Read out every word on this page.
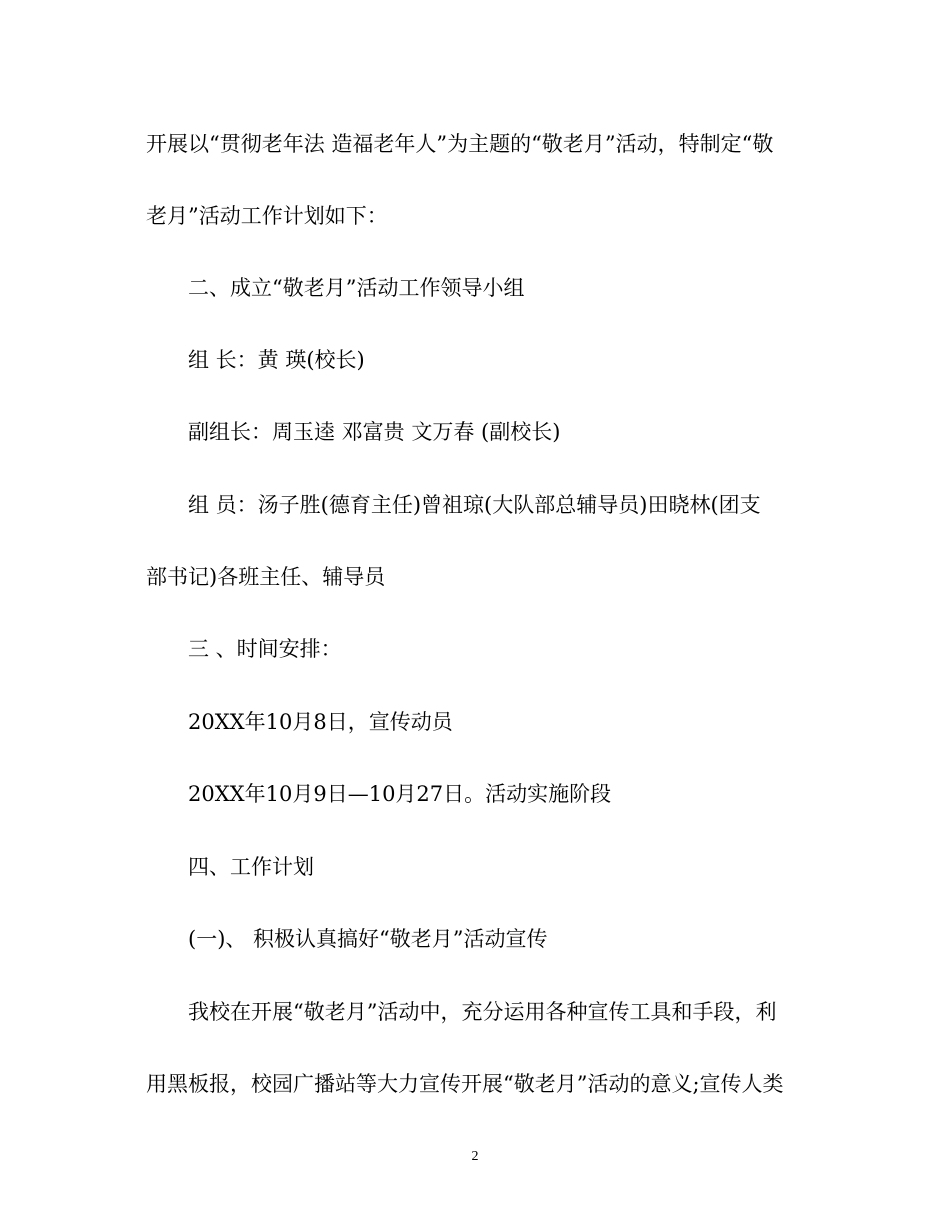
开展以“贯彻老年法 造福老年人”为主题的“敬老月”活动，特制定“敬
老月”活动工作计划如下：
二、成立“敬老月”活动工作领导小组
组 长：黄 瑛(校长)
副组长：周玉逵 邓富贵 文万春 (副校长)
组 员：汤子胜(德育主任)曾祖琼(大队部总辅导员)田晓林(团支
部书记)各班主任、辅导员
三 、时间安排：
20XX年10月8日，宣传动员
20XX年10月9日—10月27日。活动实施阶段
四、工作计划
(一)、 积极认真搞好“敬老月”活动宣传
我校在开展“敬老月”活动中，充分运用各种宣传工具和手段，利
用黑板报，校园广播站等大力宣传开展“敬老月”活动的意义;宣传人类
2
